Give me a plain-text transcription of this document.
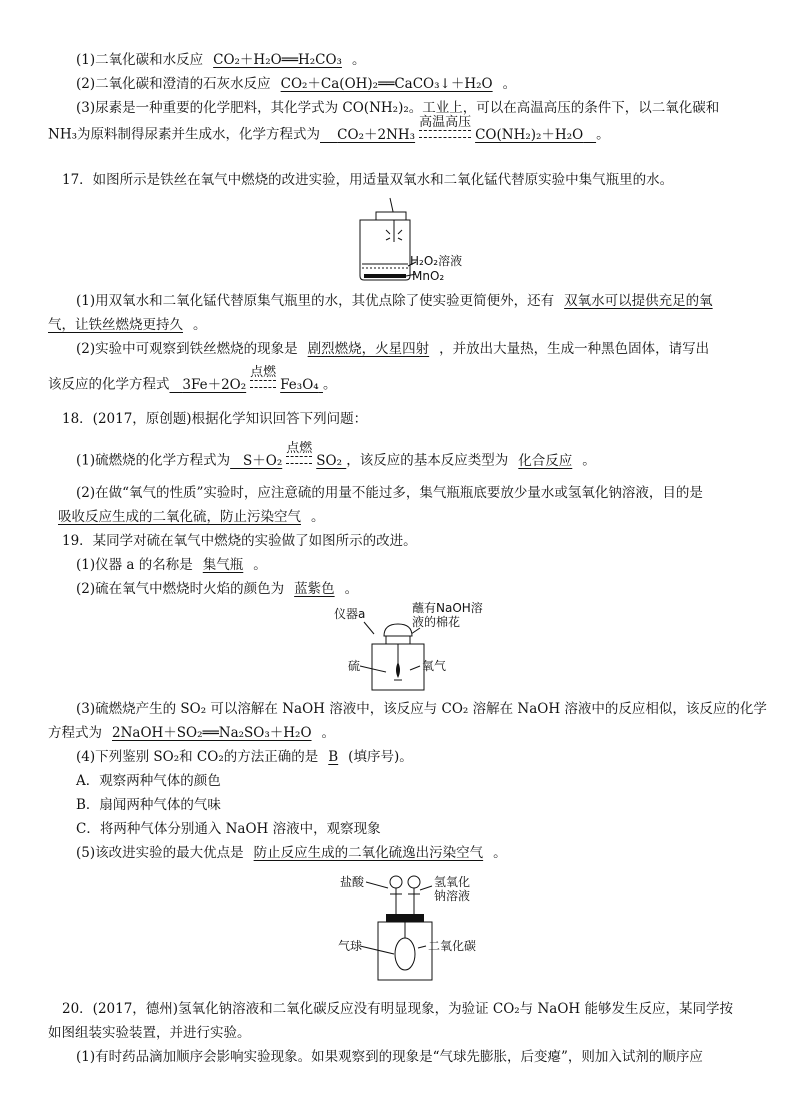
(1)二氧化碳和水反应 CO₂＋H₂O══H₂CO₃ 。
(2)二氧化碳和澄清的石灰水反应 CO₂＋Ca(OH)₂══CaCO₃↓＋H₂O 。
(3)尿素是一种重要的化学肥料，其化学式为 CO(NH₂)₂。工业上，可以在高温高压的条件下，以二氧化碳和
NH₃为原料制得尿素并生成水，化学方程式为 CO₂＋2NH₃
高温高压
CO(NH₂)₂＋H₂O 。
17．如图所示是铁丝在氧气中燃烧的改进实验，用适量双氧水和二氧化锰代替原实验中集气瓶里的水。
H₂O₂溶液
MnO₂
(1)用双氧水和二氧化锰代替原集气瓶里的水，其优点除了使实验更简便外，还有 双氧水可以提供充足的氧
气，让铁丝燃烧更持久 。
(2)实验中可观察到铁丝燃烧的现象是 剧烈燃烧，火星四射 ，并放出大量热，生成一种黑色固体，请写出
该反应的化学方程式 3Fe＋2O₂
点燃
Fe₃O₄ 。
18．(2017，原创题)根据化学知识回答下列问题：
(1)硫燃烧的化学方程式为 S＋O₂
点燃
SO₂ ，该反应的基本反应类型为 化合反应 。
(2)在做“氧气的性质”实验时，应注意硫的用量不能过多，集气瓶瓶底要放少量水或氢氧化钠溶液，目的是
吸收反应生成的二氧化硫，防止污染空气 。
19．某同学对硫在氧气中燃烧的实验做了如图所示的改进。
(1)仪器 a 的名称是 集气瓶 。
(2)硫在氧气中燃烧时火焰的颜色为 蓝紫色 。
仪器a	蘸有NaOH溶
液的棉花
硫	氧气
(3)硫燃烧产生的 SO₂ 可以溶解在 NaOH 溶液中，该反应与 CO₂ 溶解在 NaOH 溶液中的反应相似，该反应的化学
方程式为 2NaOH＋SO₂══Na₂SO₃＋H₂O 。
(4)下列鉴别 SO₂和 CO₂的方法正确的是 B (填序号)。
A．观察两种气体的颜色
B．扇闻两种气体的气味
C．将两种气体分别通入 NaOH 溶液中，观察现象
(5)该改进实验的最大优点是 防止反应生成的二氧化硫逸出污染空气 。
盐酸	氢氧化
钠溶液
气球	二氧化碳
20．(2017，德州)氢氧化钠溶液和二氧化碳反应没有明显现象，为验证 CO₂与 NaOH 能够发生反应，某同学按
如图组装实验装置，并进行实验。
(1)有时药品滴加顺序会影响实验现象。如果观察到的现象是“气球先膨胀，后变瘪”，则加入试剂的顺序应
